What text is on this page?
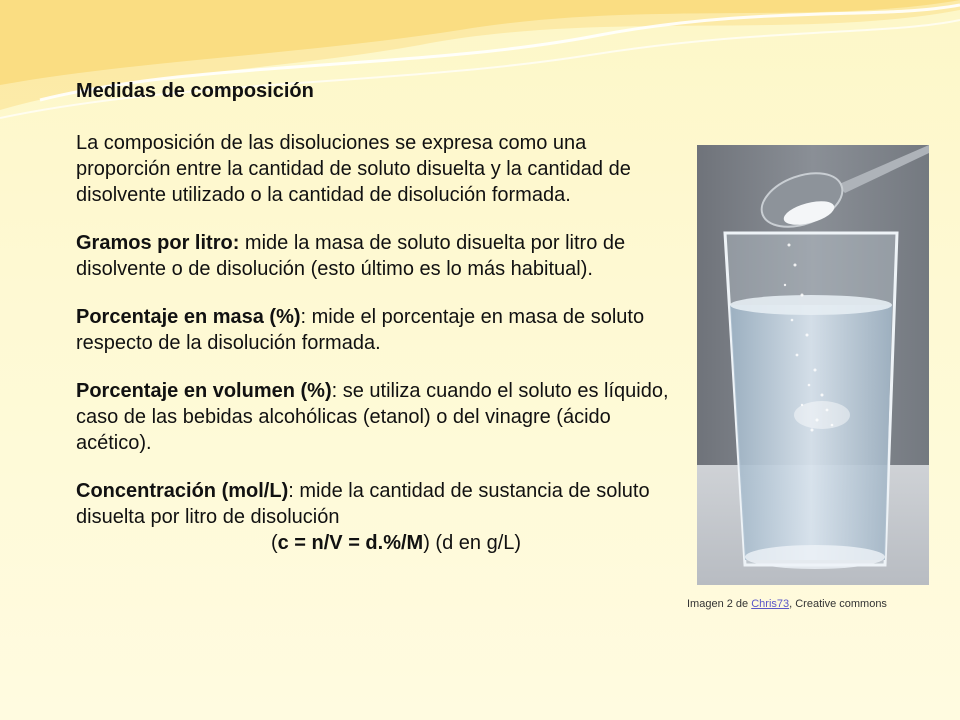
Medidas de composición

La composición de las disoluciones se expresa como una proporción entre la cantidad de soluto disuelta y la cantidad de disolvente utilizado o la cantidad de disolución formada.

Gramos por litro: mide la masa de soluto disuelta por litro de disolvente o de disolución (esto último es lo más habitual).

Porcentaje en masa (%): mide el porcentaje en masa de soluto respecto de la disolución formada.

Porcentaje en volumen (%): se utiliza cuando el soluto es líquido, caso de las bebidas alcohólicas (etanol) o del vinagre (ácido acético).

Concentración (mol/L): mide la cantidad de sustancia de soluto disuelta por litro de disolución

(c = n/V = d.%/M) (d en g/L)

Imagen 2 de Chris73, Creative commons
